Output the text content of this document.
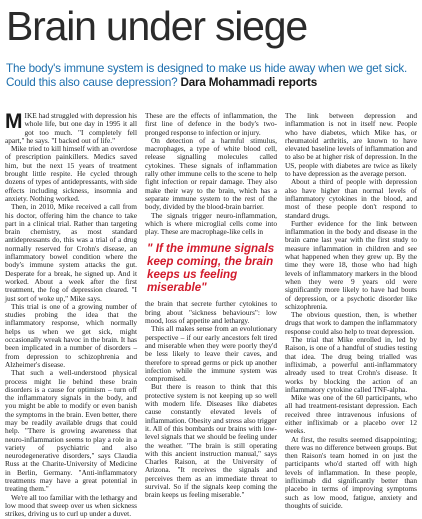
Brain under siege

The body's immune system is designed to make us hide away when we get sick. Could this also cause depression? Dara Mohammadi reports

MIKE had struggled with depression his whole life, but one day in 1995 it all got too much. "I completely fell apart," he says. "I backed out of life."

Mike tried to kill himself with an overdose of prescription painkillers. Medics saved him, but the next 15 years of treatment brought little respite. He cycled through dozens of types of antidepressants, with side effects including sickness, insomnia and anxiety. Nothing worked.

Then, in 2010, Mike received a call from his doctor, offering him the chance to take part in a clinical trial. Rather than targeting brain chemistry, as most standard antidepressants do, this was a trial of a drug normally reserved for Crohn's disease, an inflammatory bowel condition where the body's immune system attacks the gut. Desperate for a break, he signed up. And it worked. About a week after the first treatment, the fog of depression cleared. "I just sort of woke up," Mike says.

This trial is one of a growing number of studies probing the idea that the inflammatory response, which normally helps us when we get sick, might occasionally wreak havoc in the brain. It has been implicated in a number of disorders – from depression to schizophrenia and Alzheimer's disease.

That such a well-understood physical process might lie behind these brain disorders is a cause for optimism – turn off the inflammatory signals in the body, and you might be able to modify or even banish the symptoms in the brain. Even better, there may be readily available drugs that could help. "There is growing awareness that neuro-inflammation seems to play a role in a variety of psychiatric and also neurodegenerative disorders," says Claudia Russ at the Charite-University of Medicine in Berlin, Germany. "Anti-inflammatory treatments may have a great potential in treating them."

We're all too familiar with the lethargy and low mood that sweep over us when sickness strikes, driving us to curl up under a duvet.

These are the effects of inflammation, the first line of defence in the body's two-pronged response to infection or injury.

On detection of a harmful stimulus, macrophages, a type of white blood cell, release signalling molecules called cytokines. These signals of inflammation rally other immune cells to the scene to help fight infection or repair damage. They also make their way to the brain, which has a separate immune system to the rest of the body, divided by the blood-brain barrier.

The signals trigger neuro-inflammation, which is where microglial cells come into play. These are macrophage-like cells in

" If the immune signals keep coming, the brain keeps us feeling miserable"

the brain that secrete further cytokines to bring about "sickness behaviours": low mood, loss of appetite and lethargy.

This all makes sense from an evolutionary perspective – if our early ancestors felt tired and miserable when they were poorly they'd be less likely to leave their caves, and therefore to spread germs or pick up another infection while the immune system was compromised.

But there is reason to think that this protective system is not keeping up so well with modern life. Diseases like diabetes cause constantly elevated levels of inflammation. Obesity and stress also trigger it. All of this bombards our brains with low-level signals that we should be feeling under the weather. "The brain is still operating with this ancient instruction manual," says Charles Raison, at the University of Arizona. "It receives the signals and perceives them as an immediate threat to survival. So if the signals keep coming the brain keeps us feeling miserable."

The link between depression and inflammation is not in itself new. People who have diabetes, which Mike has, or rheumatoid arthritis, are known to have elevated baseline levels of inflammation and to also be at higher risk of depression. In the US, people with diabetes are twice as likely to have depression as the average person.

About a third of people with depression also have higher than normal levels of inflammatory cytokines in the blood, and most of these people don't respond to standard drugs.

Further evidence for the link between inflammation in the body and disease in the brain came last year with the first study to measure inflammation in children and see what happened when they grew up. By the time they were 18, those who had high levels of inflammatory markers in the blood when they were 9 years old were significantly more likely to have had bouts of depression, or a psychotic disorder like schizophrenia.

The obvious question, then, is whether drugs that work to dampen the inflammatory response could also help to treat depression.

The trial that Mike enrolled in, led by Raison, is one of a handful of studies testing that idea. The drug being trialled was infliximab, a powerful anti-inflammatory already used to treat Crohn's disease. It works by blocking the action of an inflammatory cytokine called TNF-alpha.

Mike was one of the 60 participants, who all had treatment-resistant depression. Each received three intravenous infusions of either infliximab or a placebo over 12 weeks.

At first, the results seemed disappointing; there was no difference between groups. But then Raison's team homed in on just the participants who'd started off with high levels of inflammation. In these people, infliximab did significantly better than placebo in terms of improving symptoms such as low mood, fatigue, anxiety and thoughts of suicide.
